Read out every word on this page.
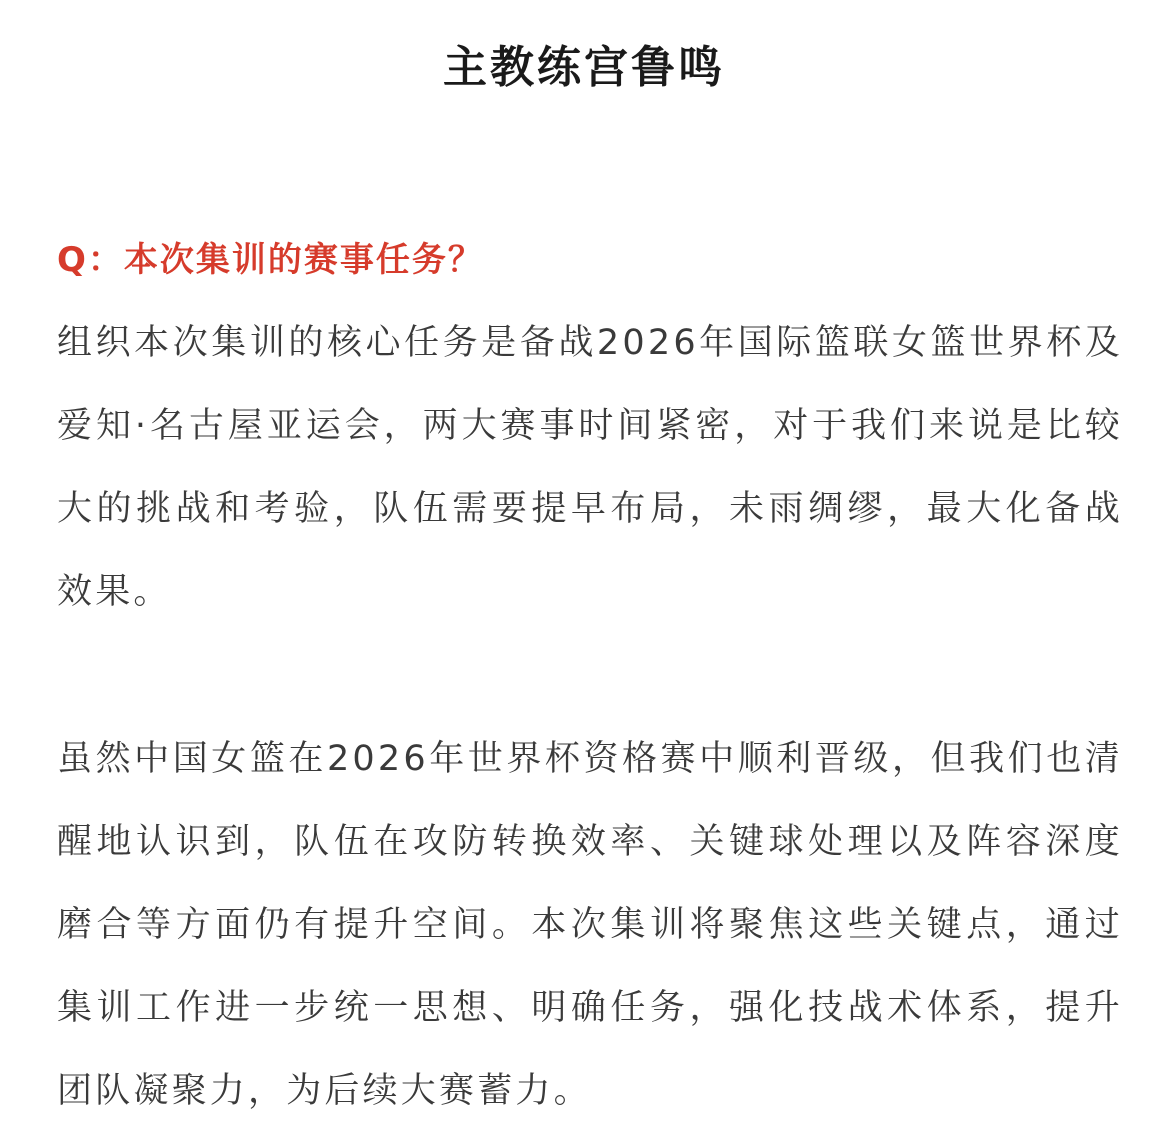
主教练宫鲁鸣

Q：本次集训的赛事任务？

组织本次集训的核心任务是备战2026年国际篮联女篮世界杯及爱知·名古屋亚运会，两大赛事时间紧密，对于我们来说是比较大的挑战和考验，队伍需要提早布局，未雨绸缪，最大化备战效果。

虽然中国女篮在2026年世界杯资格赛中顺利晋级，但我们也清醒地认识到，队伍在攻防转换效率、关键球处理以及阵容深度磨合等方面仍有提升空间。本次集训将聚焦这些关键点，通过集训工作进一步统一思想、明确任务，强化技战术体系，提升团队凝聚力，为后续大赛蓄力。
